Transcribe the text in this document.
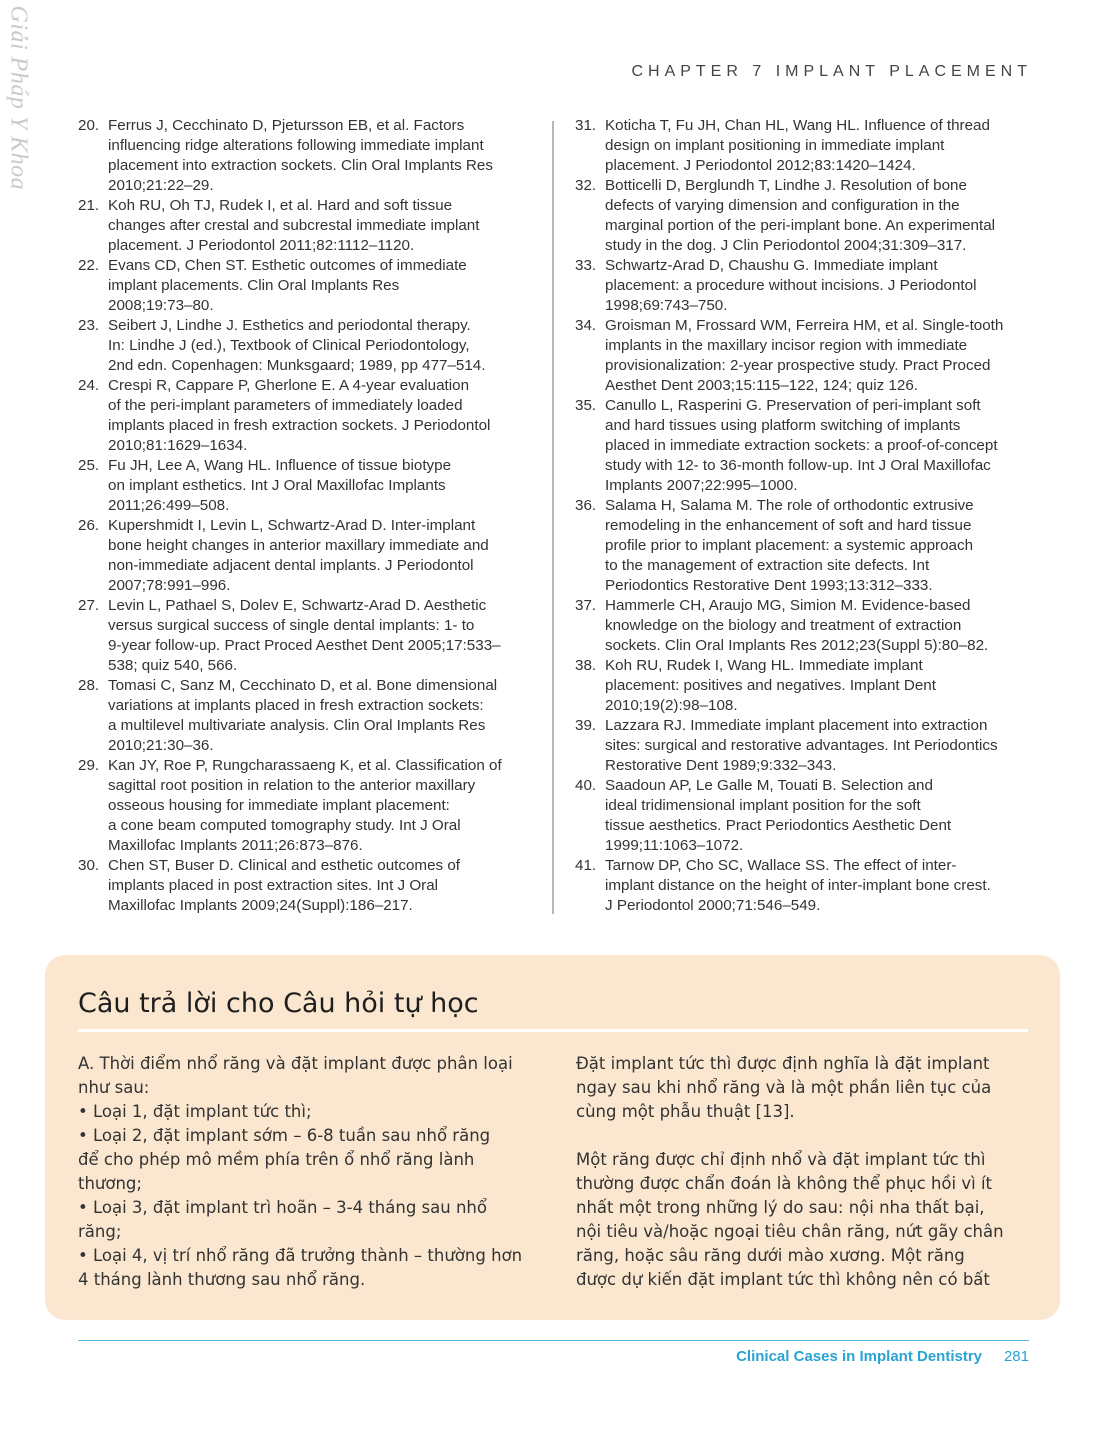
Giải Pháp Y Khoa	CHAPTER 7 IMPLANT PLACEMENT
20. Ferrus J, Cecchinato D, Pjetursson EB, et al. Factors
influencing ridge alterations following immediate implant
placement into extraction sockets. Clin Oral Implants Res
2010;21:22–29.
21. Koh RU, Oh TJ, Rudek I, et al. Hard and soft tissue
changes after crestal and subcrestal immediate implant
placement. J Periodontol 2011;82:1112–1120.
22. Evans CD, Chen ST. Esthetic outcomes of immediate
implant placements. Clin Oral Implants Res
2008;19:73–80.
23. Seibert J, Lindhe J. Esthetics and periodontal therapy.
In: Lindhe J (ed.), Textbook of Clinical Periodontology,
2nd edn. Copenhagen: Munksgaard; 1989, pp 477–514.
24. Crespi R, Cappare P, Gherlone E. A 4-year evaluation
of the peri-implant parameters of immediately loaded
implants placed in fresh extraction sockets. J Periodontol
2010;81:1629–1634.
25. Fu JH, Lee A, Wang HL. Influence of tissue biotype
on implant esthetics. Int J Oral Maxillofac Implants
2011;26:499–508.
26. Kupershmidt I, Levin L, Schwartz-Arad D. Inter-implant
bone height changes in anterior maxillary immediate and
non-immediate adjacent dental implants. J Periodontol
2007;78:991–996.
27. Levin L, Pathael S, Dolev E, Schwartz-Arad D. Aesthetic
versus surgical success of single dental implants: 1- to
9-year follow-up. Pract Proced Aesthet Dent 2005;17:533–
538; quiz 540, 566.
28. Tomasi C, Sanz M, Cecchinato D, et al. Bone dimensional
variations at implants placed in fresh extraction sockets:
a multilevel multivariate analysis. Clin Oral Implants Res
2010;21:30–36.
29. Kan JY, Roe P, Rungcharassaeng K, et al. Classification of
sagittal root position in relation to the anterior maxillary
osseous housing for immediate implant placement:
a cone beam computed tomography study. Int J Oral
Maxillofac Implants 2011;26:873–876.
30. Chen ST, Buser D. Clinical and esthetic outcomes of
implants placed in post extraction sites. Int J Oral
Maxillofac Implants 2009;24(Suppl):186–217.
31. Koticha T, Fu JH, Chan HL, Wang HL. Influence of thread
design on implant positioning in immediate implant
placement. J Periodontol 2012;83:1420–1424.
32. Botticelli D, Berglundh T, Lindhe J. Resolution of bone
defects of varying dimension and configuration in the
marginal portion of the peri-implant bone. An experimental
study in the dog. J Clin Periodontol 2004;31:309–317.
33. Schwartz-Arad D, Chaushu G. Immediate implant
placement: a procedure without incisions. J Periodontol
1998;69:743–750.
34. Groisman M, Frossard WM, Ferreira HM, et al. Single-tooth
implants in the maxillary incisor region with immediate
provisionalization: 2-year prospective study. Pract Proced
Aesthet Dent 2003;15:115–122, 124; quiz 126.
35. Canullo L, Rasperini G. Preservation of peri-implant soft
and hard tissues using platform switching of implants
placed in immediate extraction sockets: a proof-of-concept
study with 12- to 36-month follow-up. Int J Oral Maxillofac
Implants 2007;22:995–1000.
36. Salama H, Salama M. The role of orthodontic extrusive
remodeling in the enhancement of soft and hard tissue
profile prior to implant placement: a systemic approach
to the management of extraction site defects. Int
Periodontics Restorative Dent 1993;13:312–333.
37. Hammerle CH, Araujo MG, Simion M. Evidence-based
knowledge on the biology and treatment of extraction
sockets. Clin Oral Implants Res 2012;23(Suppl 5):80–82.
38. Koh RU, Rudek I, Wang HL. Immediate implant
placement: positives and negatives. Implant Dent
2010;19(2):98–108.
39. Lazzara RJ. Immediate implant placement into extraction
sites: surgical and restorative advantages. Int Periodontics
Restorative Dent 1989;9:332–343.
40. Saadoun AP, Le Galle M, Touati B. Selection and
ideal tridimensional implant position for the soft
tissue aesthetics. Pract Periodontics Aesthetic Dent
1999;11:1063–1072.
41. Tarnow DP, Cho SC, Wallace SS. The effect of inter-
implant distance on the height of inter-implant bone crest.
J Periodontol 2000;71:546–549.
Câu trả lời cho Câu hỏi tự học

A. Thời điểm nhổ răng và đặt implant được phân loại

như sau:

• Loại 1, đặt implant tức thì;

• Loại 2, đặt implant sớm – 6-8 tuần sau nhổ răng

để cho phép mô mềm phía trên ổ nhổ răng lành

thương;

• Loại 3, đặt implant trì hoãn – 3-4 tháng sau nhổ

răng;

• Loại 4, vị trí nhổ răng đã trưởng thành – thường hơn

4 tháng lành thương sau nhổ răng.

Đặt implant tức thì được định nghĩa là đặt implant

ngay sau khi nhổ răng và là một phần liên tục của

cùng một phẫu thuật [13].

Một răng được chỉ định nhổ và đặt implant tức thì

thường được chẩn đoán là không thể phục hồi vì ít

nhất một trong những lý do sau: nội nha thất bại,

nội tiêu và/hoặc ngoại tiêu chân răng, nứt gãy chân

răng, hoặc sâu răng dưới mào xương. Một răng

được dự kiến đặt implant tức thì không nên có bất

Clinical Cases in Implant Dentistry 281
